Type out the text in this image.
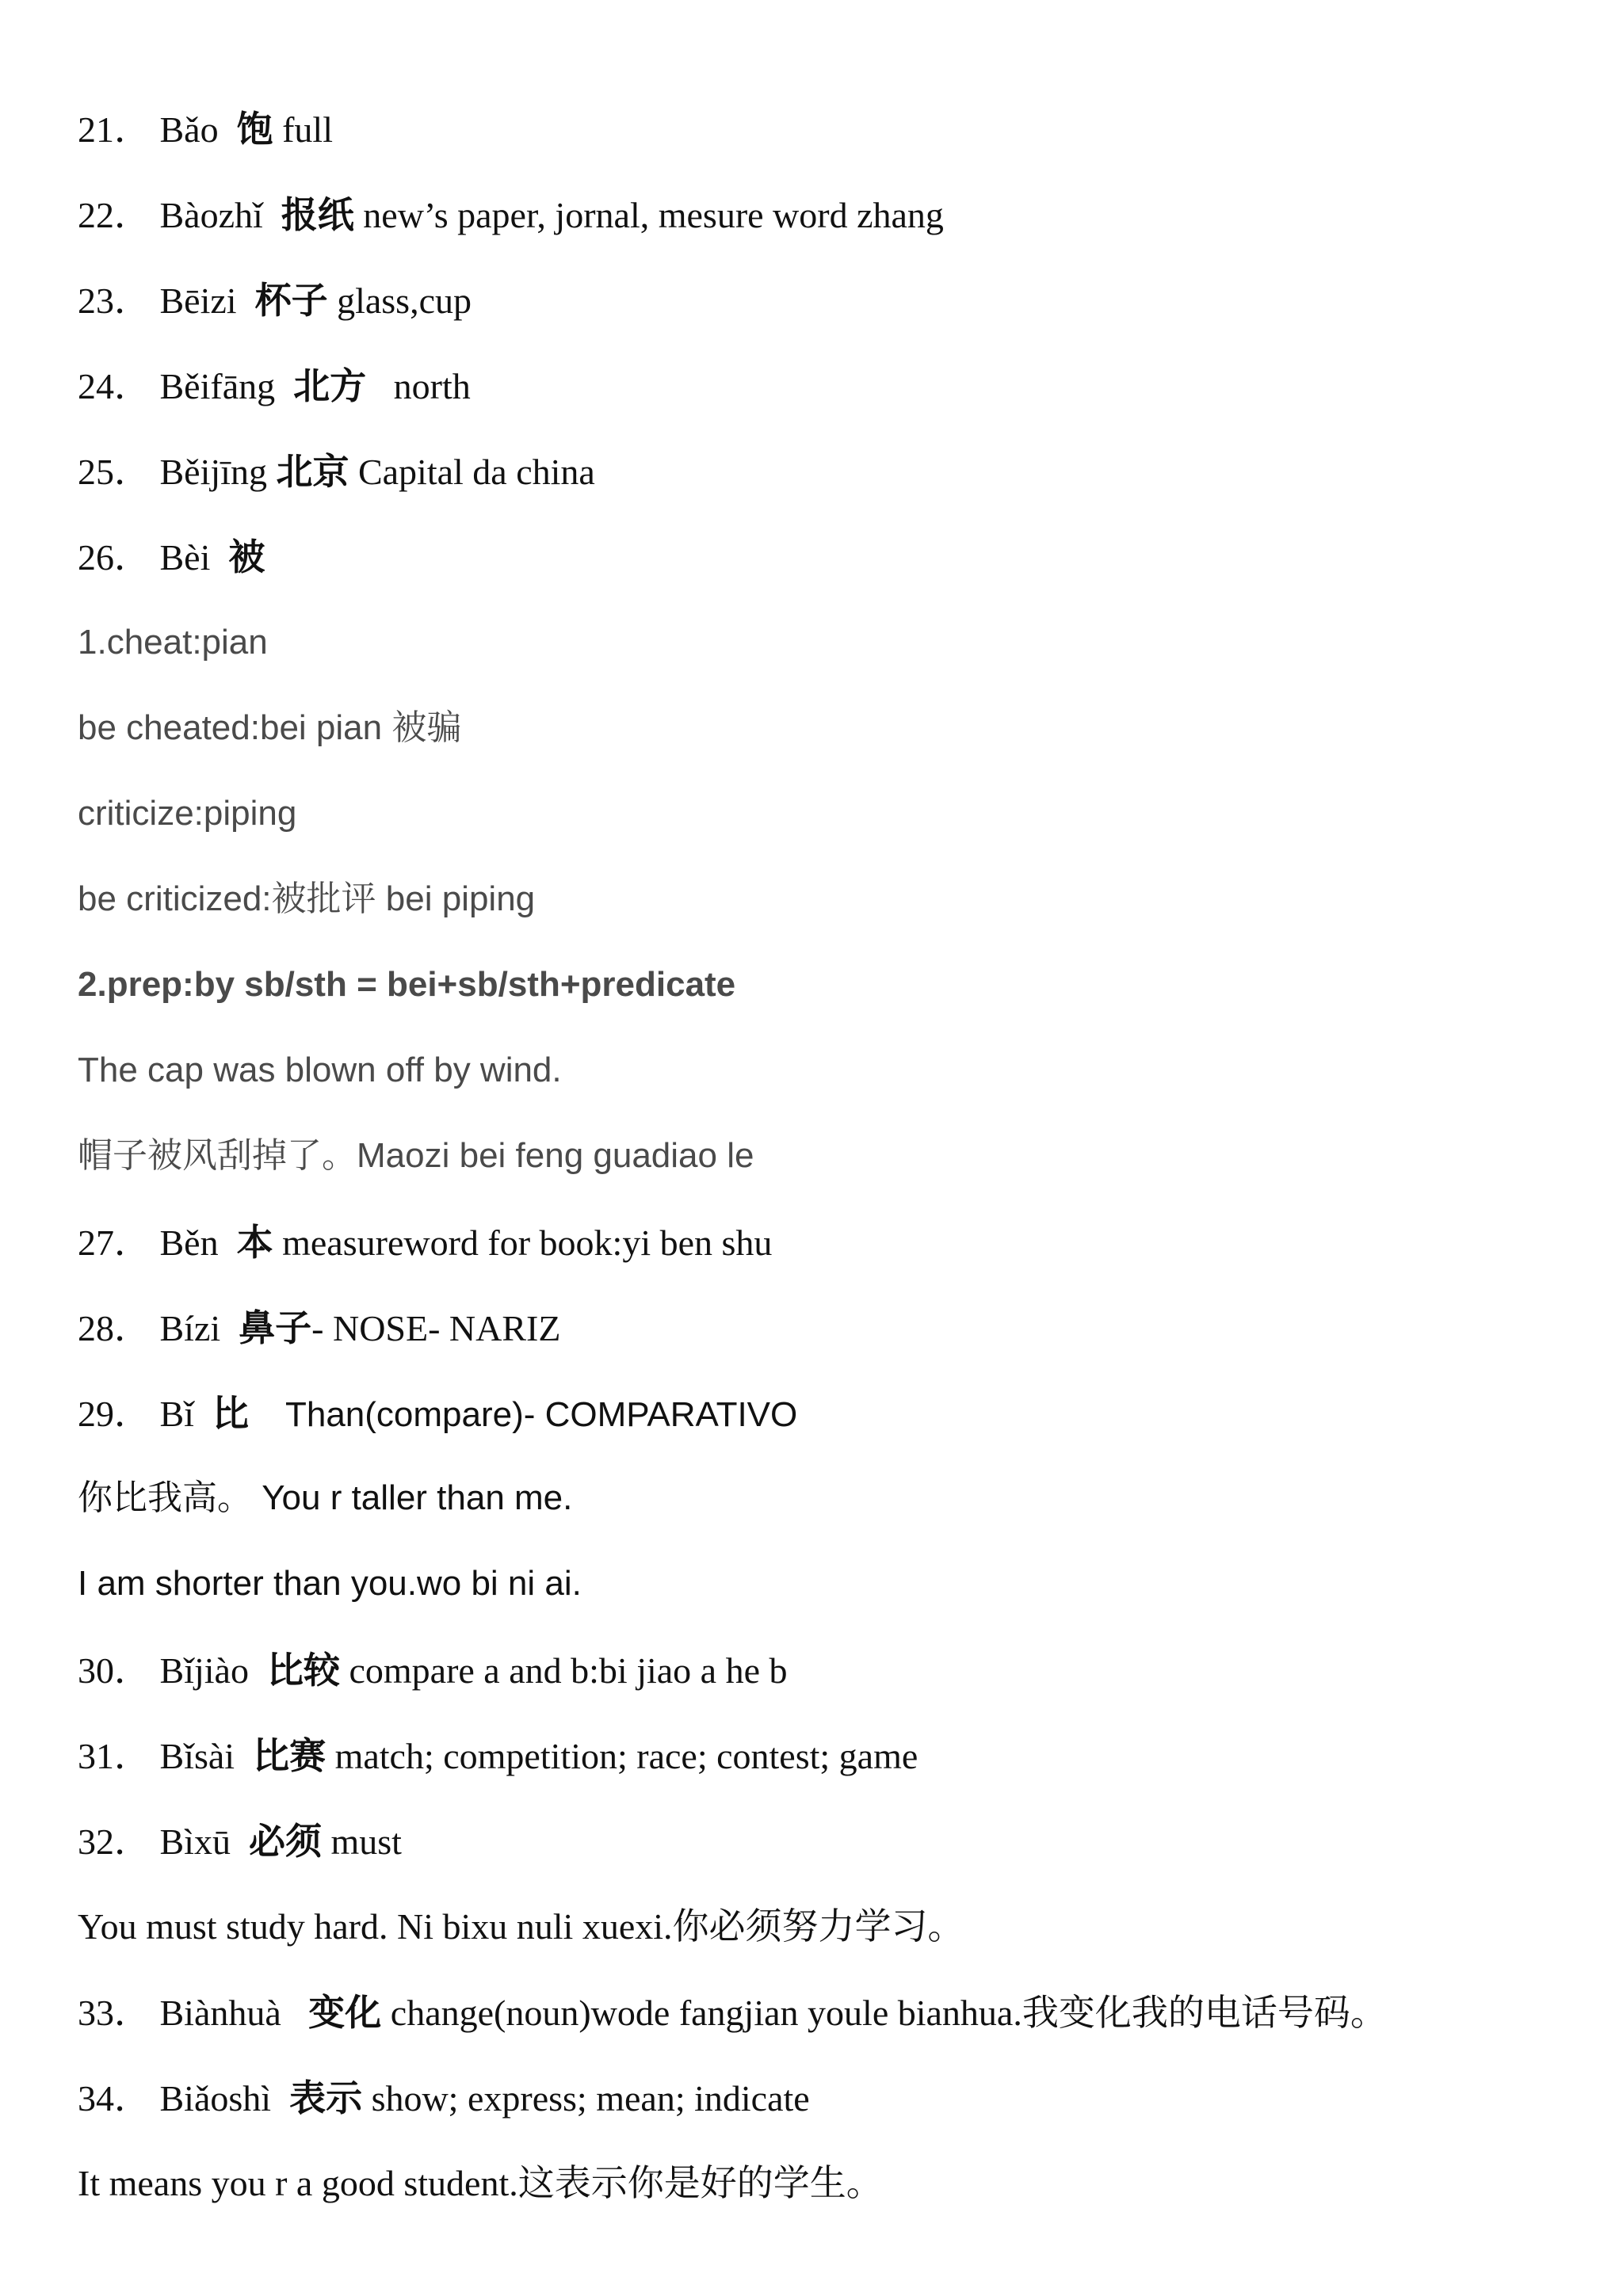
21． Bǎo 饱 full
22． Bàozhǐ 报纸 new’s paper, jornal, mesure word zhang
23． Bēizi 杯子 glass,cup
24． Běifāng 北方 north
25． Běijīng 北京 Capital da china
26． Bèi 被
1.cheat:pian
be cheated:bei pian 被骗
criticize:piping
be criticized:被批评 bei piping
2.prep:by sb/sth = bei+sb/sth+predicate
The cap was blown off by wind.
帽子被风刮掉了。Maozi bei feng guadiao le
27． Běn 本 measureword for book:yi ben shu
28． Bízi 鼻子- NOSE- NARIZ
29． Bǐ 比 Than(compare)- COMPARATIVO
你比我高。 You r taller than me.
I am shorter than you.wo bi ni ai.
30． Bǐjiào 比较 compare a and b:bi jiao a he b
31． Bǐsài 比赛 match; competition; race; contest; game
32． Bìxū 必须 must
You must study hard. Ni bixu nuli xuexi.你必须努力学习。
33． Biànhuà 变化 change(noun)wode fangjian youle bianhua.我变化我的电话号码。
34． Biǎoshì 表示 show; express; mean; indicate
It means you r a good student.这表示你是好的学生。
